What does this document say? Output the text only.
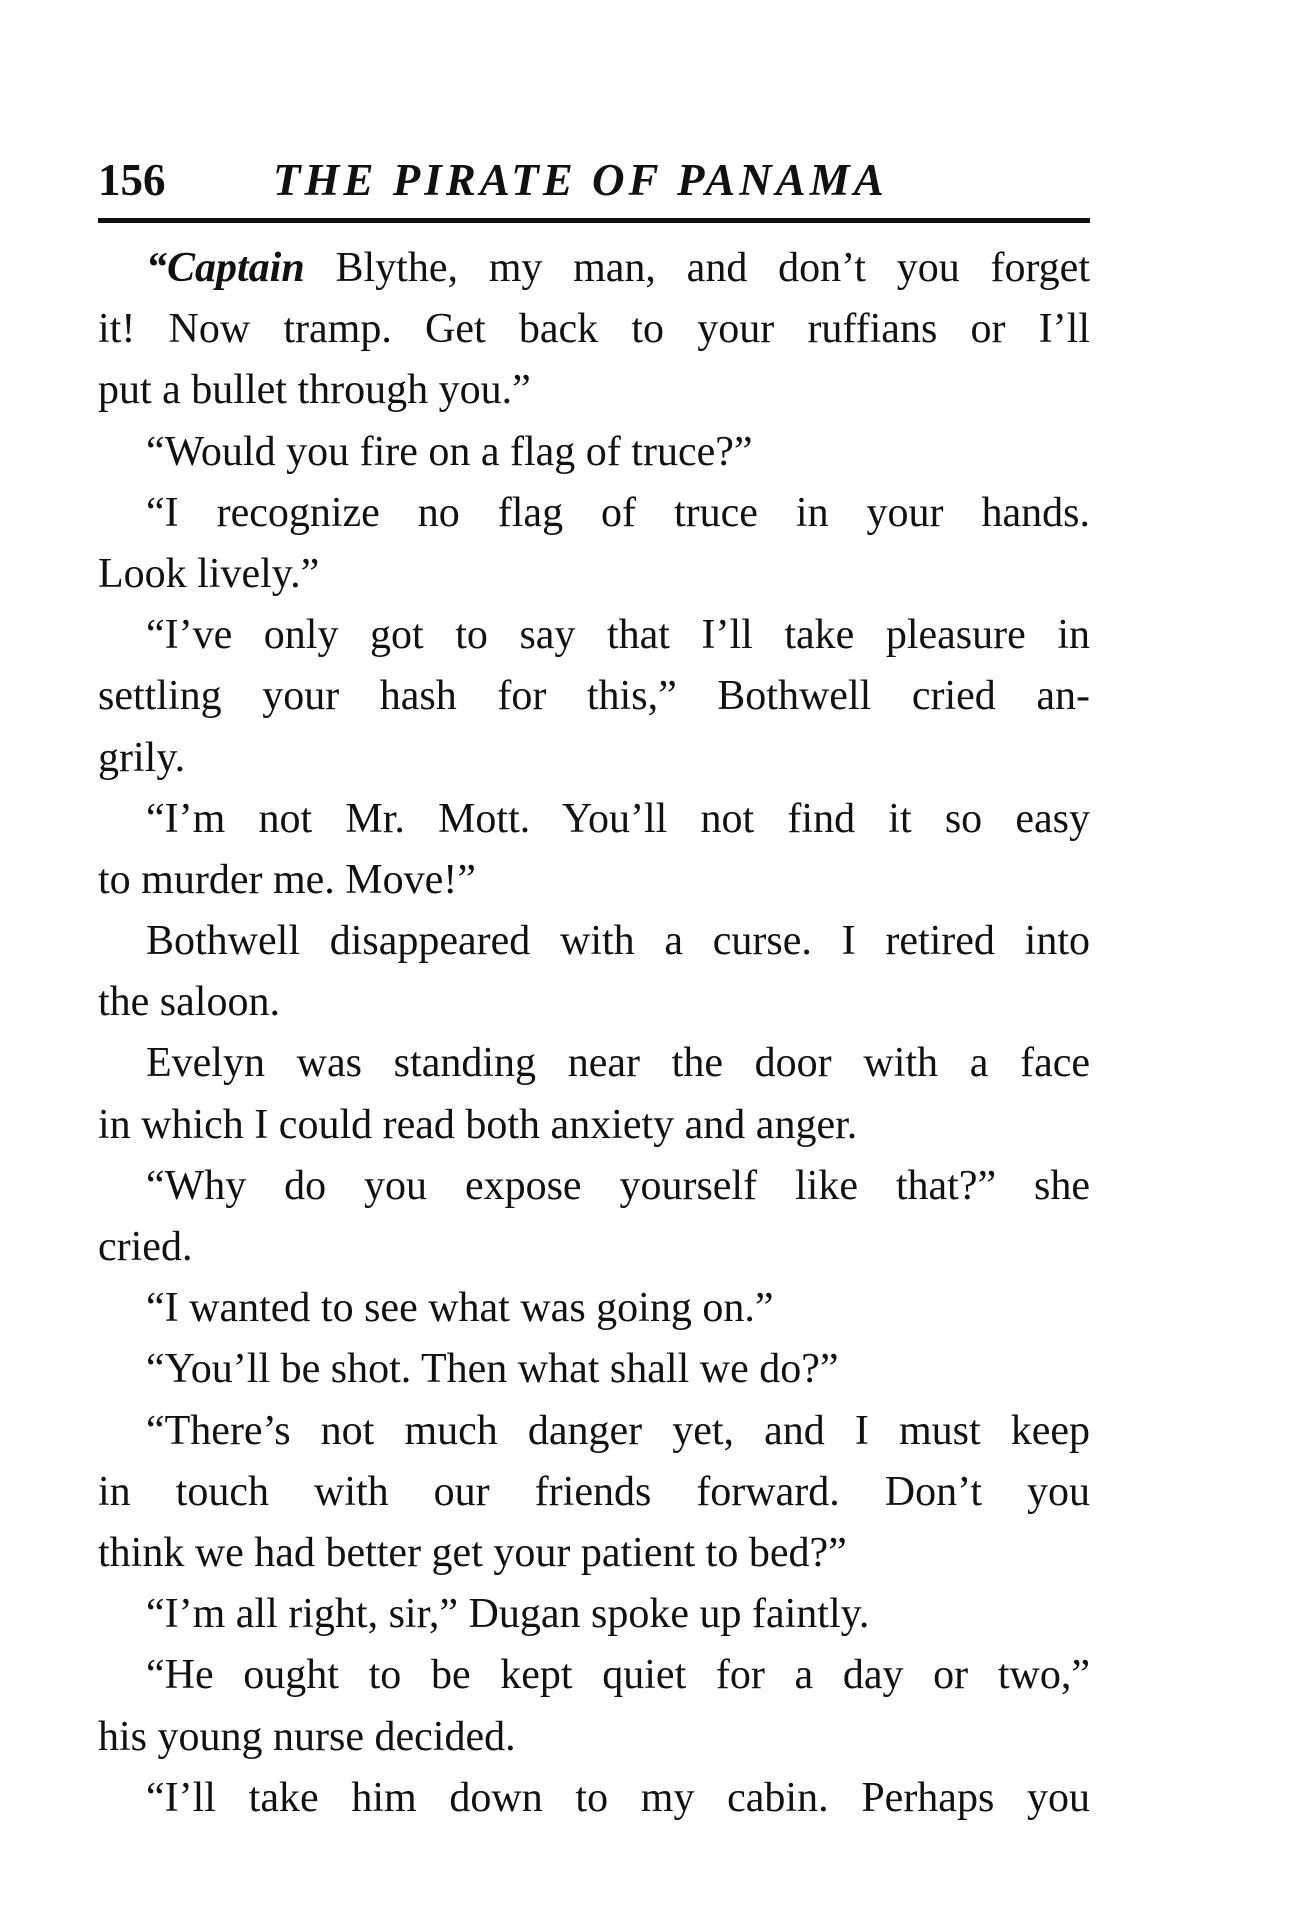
156 THE PIRATE OF PANAMA
“Captain Blythe, my man, and don’t you forget
it! Now tramp. Get back to your ruffians or I’ll
put a bullet through you.”
“Would you fire on a flag of truce?”
“I recognize no flag of truce in your hands.
Look lively.”
“I’ve only got to say that I’ll take pleasure in
settling your hash for this,” Bothwell cried an-
grily.
“I’m not Mr. Mott. You’ll not find it so easy
to murder me. Move!”
Bothwell disappeared with a curse. I retired into
the saloon.
Evelyn was standing near the door with a face
in which I could read both anxiety and anger.
“Why do you expose yourself like that?” she
cried.
“I wanted to see what was going on.”
“You’ll be shot. Then what shall we do?”
“There’s not much danger yet, and I must keep
in touch with our friends forward. Don’t you
think we had better get your patient to bed?”
“I’m all right, sir,” Dugan spoke up faintly.
“He ought to be kept quiet for a day or two,”
his young nurse decided.
“I’ll take him down to my cabin. Perhaps you
